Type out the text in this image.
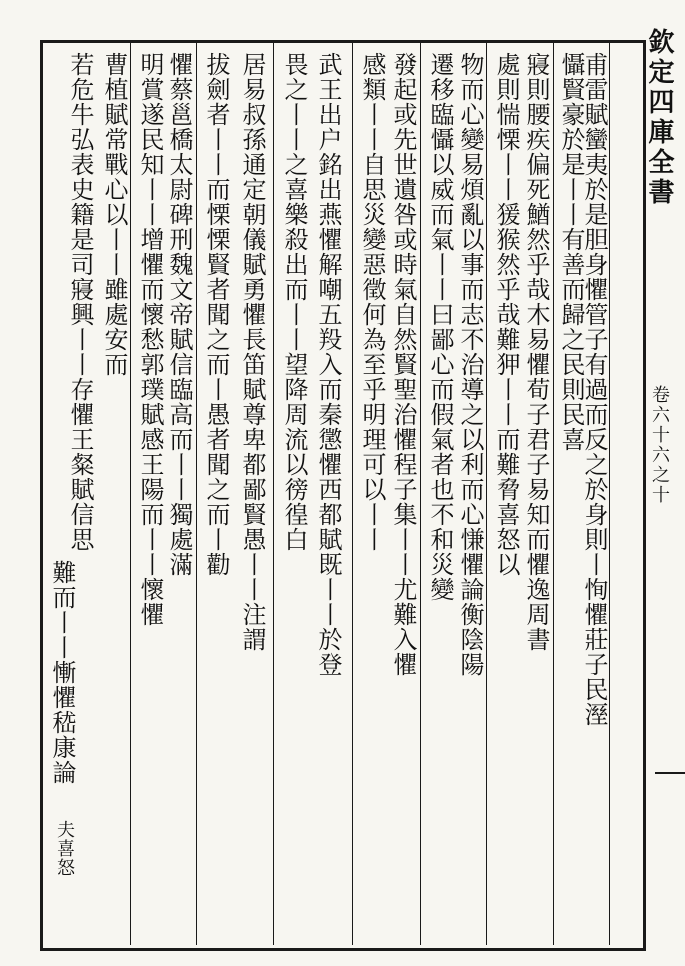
欽定四庫全書
卷六十六之十
甫雷賦蠻夷於是胆身懼管子有過而反之於身則丨恂懼莊子民溼
懾賢豪於是丨丨有善而歸之民則民喜
寢則腰疾偏死鰌然乎哉木易懼荀子君子易知而懼逸周書
處則惴慄丨丨猨猴然乎哉難狎丨丨而難脅喜怒以
物而心變易煩亂以事而志不治導之以利而心慊懼論衡陰陽
遷移臨懾以威而氣丨丨曰鄙心而假氣者也不和災變
發起或先世遺咎或時氣自然賢聖治懼程子集丨丨尤難入懼
感類丨丨自思災變惡徵何為至乎明理可以丨丨
武王出户銘出燕懼解嘲五羖入而秦懲懼西都賦既丨丨於登
畏之丨丨之喜樂殺出而丨丨望降周流以徬徨白
居易叔孫通定朝儀賦勇懼長笛賦尊卑都鄙賢愚丨丨注謂
拔劍者丨丨而慄慄賢者聞之而丨愚者聞之而丨勸
懼蔡邕橋太尉碑刑魏文帝賦信臨高而丨丨獨處滿
明賞遂民知丨丨增懼而懷愁郭璞賦感王陽而丨丨懷懼
曹植賦常戰心以丨丨雖處安而
若危牛弘表史籍是司寢興丨丨存懼王粲賦信思
難而丨丨慚懼嵇康論
夫喜怒
